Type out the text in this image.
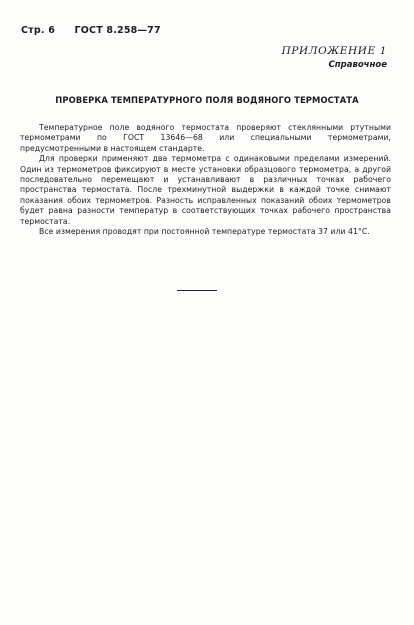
Стр. 6 ГОСТ 8.258—77
ПРИЛОЖЕНИЕ 1
Справочное
ПРОВЕРКА ТЕМПЕРАТУРНОГО ПОЛЯ ВОДЯНОГО ТЕРМОСТАТА

Температурное поле водяного термостата проверяют стеклянными ртутными термометрами по ГОСТ 13646—68 или специальными термометрами, предусмотренными в настоящем стандарте.

Для проверки применяют два термометра с одинаковыми пределами измерений. Один из термометров фиксируют в месте установки образцового термометра, а другой последовательно перемещают и устанавливают в различных точках рабочего пространства термостата. После трехминутной выдержки в каждой точке снимают показания обоих термометров. Разность исправленных показаний обоих термометров будет равна разности температур в соответствующих точках рабочего пространства термостата.

Все измерения проводят при постоянной температуре термостата 37 или 41°С.
